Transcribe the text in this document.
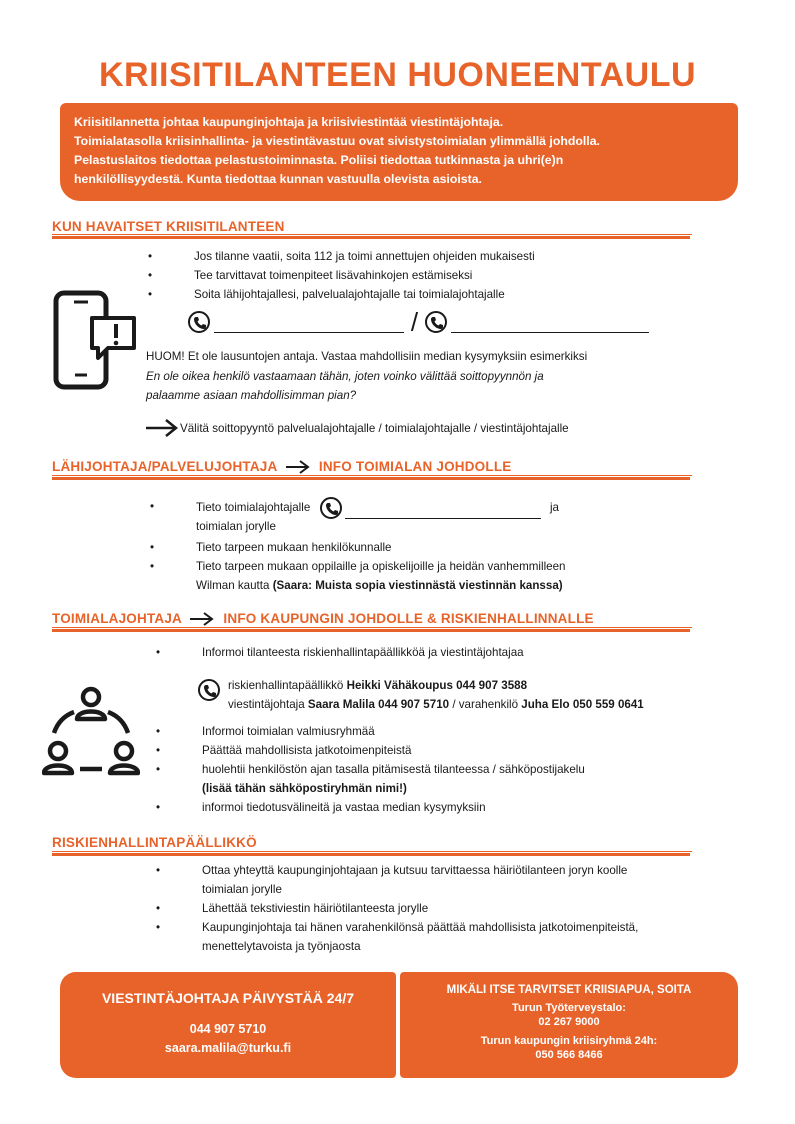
KRIISITILANTEEN HUONEENTAULU

Kriisitilannetta johtaa kaupunginjohtaja ja kriisiviestintää viestintäjohtaja.

Toimialatasolla kriisinhallinta- ja viestintävastuu ovat sivistystoimialan ylimmällä johdolla.

Pelastuslaitos tiedottaa pelastustoiminnasta. Poliisi tiedottaa tutkinnasta ja uhri(e)n

henkilöllisyydestä. Kunta tiedottaa kunnan vastuulla olevista asioista.

KUN HAVAITSET KRIISITILANTEEN
• Jos tilanne vaatii, soita 112 ja toimi annettujen ohjeiden mukaisesti
• Tee tarvittavat toimenpiteet lisävahinkojen estämiseksi
• Soita lähijohtajallesi, palvelualajohtajalle tai toimialajohtajalle
/

HUOM! Et ole lausuntojen antaja. Vastaa mahdollisiin median kysymyksiin esimerkiksi
En ole oikea henkilö vastaamaan tähän, joten voinko välittää soittopyynnön ja
palaamme asiaan mahdollisimman pian?
Välitä soittopyyntö palvelualajohtajalle / toimialajohtajalle / viestintäjohtajalle
LÄHIJOHTAJA/PALVELUJOHTAJA	INFO TOIMIALAN JOHDOLLE
•	Tieto toimialajohtajalle	ja
toimialan jorylle
• Tieto tarpeen mukaan henkilökunnalle
• Tieto tarpeen mukaan oppilaille ja opiskelijoille ja heidän vanhemmilleen
Wilman kautta (Saara: Muista sopia viestinnästä viestinnän kanssa)
TOIMIALAJOHTAJA	INFO KAUPUNGIN JOHDOLLE & RISKIENHALLINNALLE
• Informoi tilanteesta riskienhallintapäällikköä ja viestintäjohtajaa
riskienhallintapäällikkö Heikki Vähäkoupus 044 907 3588
viestintäjohtaja Saara Malila 044 907 5710 / varahenkilö Juha Elo 050 559 0641
• Informoi toimialan valmiusryhmää
• Päättää mahdollisista jatkotoimenpiteistä
• huolehtii henkilöstön ajan tasalla pitämisestä tilanteessa / sähköpostijakelu
(lisää tähän sähköpostiryhmän nimi!)
• informoi tiedotusvälineitä ja vastaa median kysymyksiin
RISKIENHALLINTAPÄÄLLIKKÖ
• Ottaa yhteyttä kaupunginjohtajaan ja kutsuu tarvittaessa häiriötilanteen joryn koolle
toimialan jorylle
• Lähettää tekstiviestin häiriötilanteesta jorylle
• Kaupunginjohtaja tai hänen varahenkilönsä päättää mahdollisista jatkotoimenpiteistä,
menettelytavoista ja työnjaosta
VIESTINTÄJOHTAJA PÄIVYSTÄÄ 24/7
044 907 5710
saara.malila@turku.fi
MIKÄLI ITSE TARVITSET KRIISIAPUA, SOITA
Turun Työterveystalo:
02 267 9000
Turun kaupungin kriisiryhmä 24h:
050 566 8466
